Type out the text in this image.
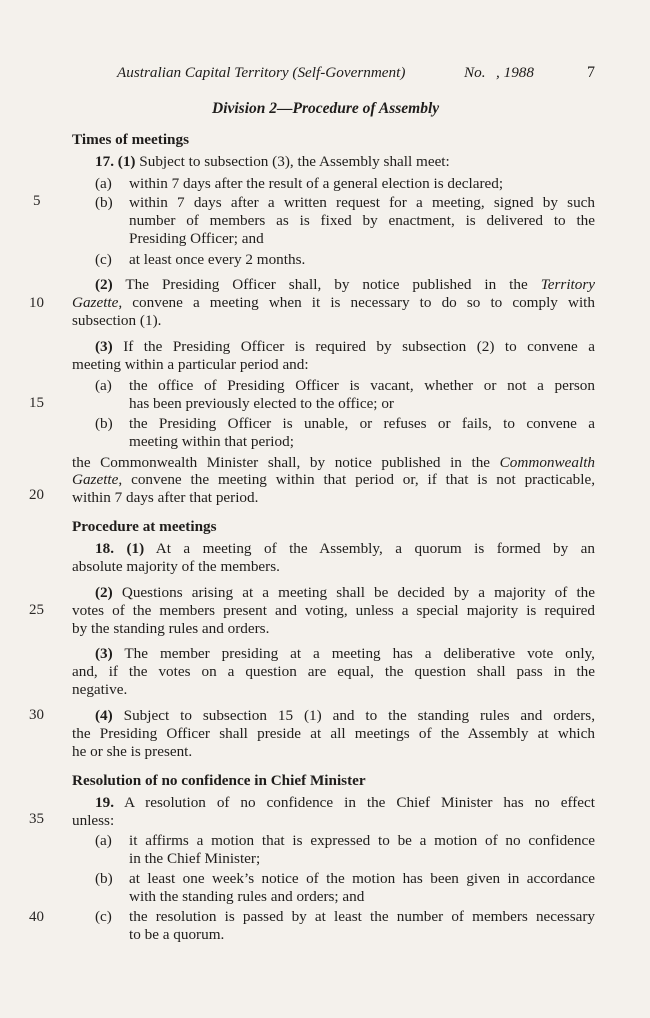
Australian Capital Territory (Self-Government)	No. , 1988	7
Division 2—Procedure of Assembly
5
10
15
20
25
30
35
40
Times of meetings
17. (1) Subject to subsection (3), the Assembly shall meet:
(a) within 7 days after the result of a general election is declared;
(b) within 7 days after a written request for a meeting, signed by such
number of members as is fixed by enactment, is delivered to the
Presiding Officer; and
(c) at least once every 2 months.
(2) The Presiding Officer shall, by notice published in the Territory
Gazette, convene a meeting when it is necessary to do so to comply with
subsection (1).
(3) If the Presiding Officer is required by subsection (2) to convene a
meeting within a particular period and:
(a) the office of Presiding Officer is vacant, whether or not a person
has been previously elected to the office; or
(b) the Presiding Officer is unable, or refuses or fails, to convene a
meeting within that period;
the Commonwealth Minister shall, by notice published in the Commonwealth
Gazette, convene the meeting within that period or, if that is not practicable,
within 7 days after that period.
Procedure at meetings
18. (1) At a meeting of the Assembly, a quorum is formed by an
absolute majority of the members.
(2) Questions arising at a meeting shall be decided by a majority of the
votes of the members present and voting, unless a special majority is required
by the standing rules and orders.
(3) The member presiding at a meeting has a deliberative vote only,
and, if the votes on a question are equal, the question shall pass in the
negative.
(4) Subject to subsection 15 (1) and to the standing rules and orders,
the Presiding Officer shall preside at all meetings of the Assembly at which
he or she is present.
Resolution of no confidence in Chief Minister
19. A resolution of no confidence in the Chief Minister has no effect
unless:
(a) it affirms a motion that is expressed to be a motion of no confidence
in the Chief Minister;
(b) at least one week’s notice of the motion has been given in accordance
with the standing rules and orders; and
(c) the resolution is passed by at least the number of members necessary
to be a quorum.
